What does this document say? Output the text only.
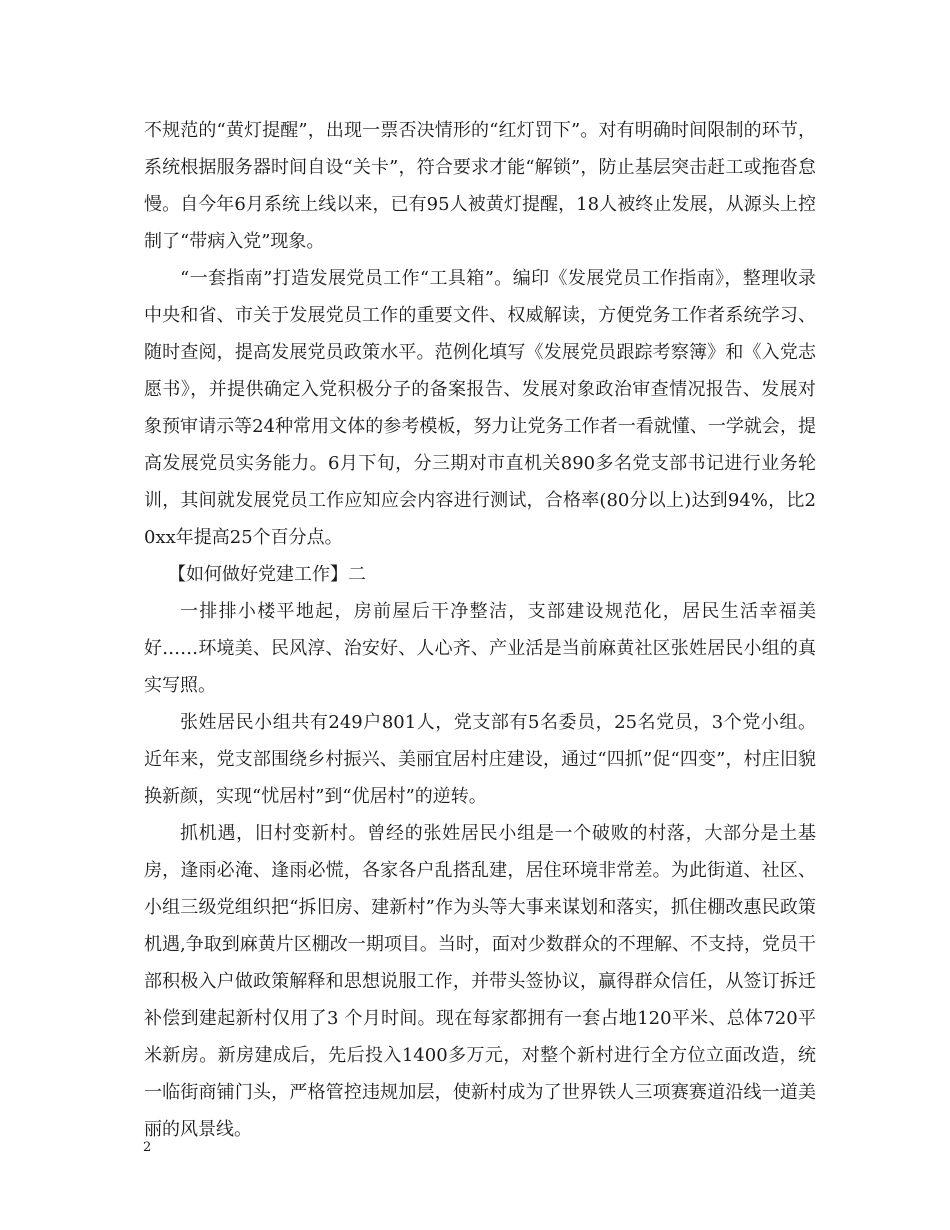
不规范的“黄灯提醒”，出现一票否决情形的“红灯罚下”。对有明确时间限制的环节，系统根据服务器时间自设“关卡”，符合要求才能“解锁”，防止基层突击赶工或拖沓怠慢。自今年6月系统上线以来，已有95人被黄灯提醒，18人被终止发展，从源头上控制了“带病入党”现象。

“一套指南”打造发展党员工作“工具箱”。编印《发展党员工作指南》，整理收录中央和省、市关于发展党员工作的重要文件、权威解读，方便党务工作者系统学习、随时查阅，提高发展党员政策水平。范例化填写《发展党员跟踪考察簿》和《入党志愿书》，并提供确定入党积极分子的备案报告、发展对象政治审查情况报告、发展对象预审请示等24种常用文体的参考模板，努力让党务工作者一看就懂、一学就会，提高发展党员实务能力。6月下旬，分三期对市直机关890多名党支部书记进行业务轮训，其间就发展党员工作应知应会内容进行测试，合格率(80分以上)达到94%，比20xx年提高25个百分点。

【如何做好党建工作】二

一排排小楼平地起，房前屋后干净整洁，支部建设规范化，居民生活幸福美好……环境美、民风淳、治安好、人心齐、产业活是当前麻黄社区张姓居民小组的真实写照。

张姓居民小组共有249户801人，党支部有5名委员，25名党员，3个党小组。近年来，党支部围绕乡村振兴、美丽宜居村庄建设，通过“四抓”促“四变”，村庄旧貌换新颜，实现“忧居村”到“优居村”的逆转。

抓机遇，旧村变新村。曾经的张姓居民小组是一个破败的村落，大部分是土基房，逢雨必淹、逢雨必慌，各家各户乱搭乱建，居住环境非常差。为此街道、社区、小组三级党组织把“拆旧房、建新村”作为头等大事来谋划和落实，抓住棚改惠民政策机遇,争取到麻黄片区棚改一期项目。当时，面对少数群众的不理解、不支持，党员干部积极入户做政策解释和思想说服工作，并带头签协议，赢得群众信任，从签订拆迁补偿到建起新村仅用了3 个月时间。现在每家都拥有一套占地120平米、总体720平米新房。新房建成后，先后投入1400多万元，对整个新村进行全方位立面改造，统一临街商铺门头，严格管控违规加层，使新村成为了世界铁人三项赛赛道沿线一道美丽的风景线。

2
